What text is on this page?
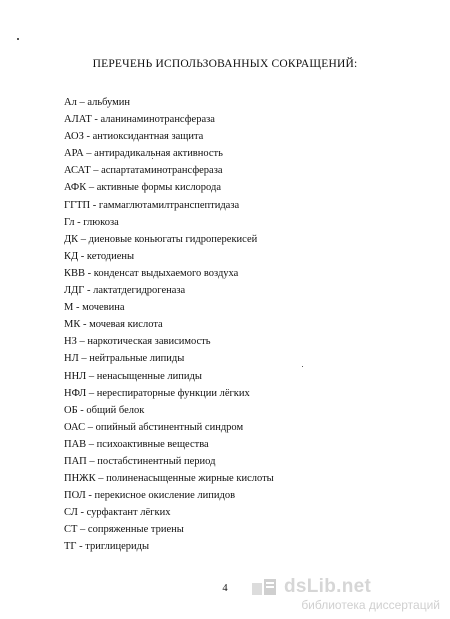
ПЕРЕЧЕНЬ ИСПОЛЬЗОВАННЫХ СОКРАЩЕНИЙ:
Ал – альбумин
АЛАТ - аланинаминотрансфераза
АОЗ - антиоксидантная защита
АРА – антирадикальная активность
АСАТ – аспартатаминотрансфераза
АФК – активные формы кислорода
ГГТП - гаммаглютамилтранспептидаза
Гл - глюкоза
ДК – диеновые коньюгаты гидроперекисей
КД - кетодиены
КВВ - конденсат выдыхаемого воздуха
ЛДГ - лактатдегидрогеназа
М - мочевина
МК - мочевая кислота
НЗ – наркотическая зависимость
НЛ – нейтральные липиды
ННЛ – ненасыщенные липиды
НФЛ – нереспираторные функции лёгких
ОБ - общий белок
ОАС – опийный абстинентный синдром
ПАВ – психоактивные вещества
ПАП – постабстинентный период
ПНЖК – полиненасыщенные жирные кислоты
ПОЛ - перекисное окисление липидов
СЛ - сурфактант лёгких
СТ – сопряженные триены
ТГ - триглицериды
4	dsLib.net
библиотека диссертаций
